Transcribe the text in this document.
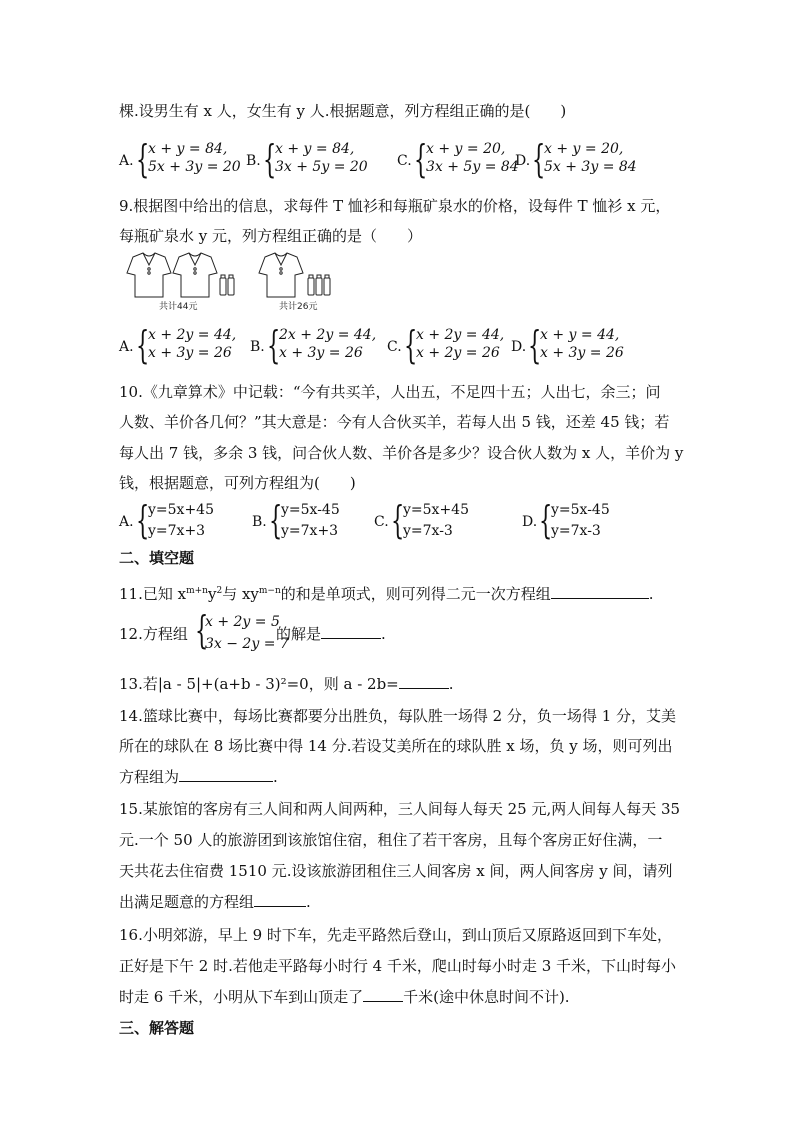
棵.设男生有 x 人，女生有 y 人.根据题意，列方程组正确的是(　　)
A. {
x + y = 84,
5x + 3y = 20 B. {
x + y = 84,
3x + 5y = 20 C. {
x + y = 20,
3x + 5y = 84
D. {
x + y = 20,
5x + 3y = 84
9.根据图中给出的信息，求每件 T 恤衫和每瓶矿泉水的价格，设每件 T 恤衫 x 元，
每瓶矿泉水 y 元，列方程组正确的是（　　）
共计44元	共计26元
A. {
x + 2y = 44,
x + 3y = 26 B. {
2x + 2y = 44,
x + 3y = 26 C. {
x + 2y = 44,
x + 2y = 26 D. {
x + y = 44,
x + 3y = 26
10.《九章算术》中记载：“今有共买羊，人出五，不足四十五；人出七，余三；问
人数、羊价各几何？”其大意是：今有人合伙买羊，若每人出 5 钱，还差 45 钱；若
每人出 7 钱，多余 3 钱，问合伙人数、羊价各是多少？设合伙人数为 x 人，羊价为 y
钱，根据题意，可列方程组为(　　)
A. {
y=5x+45
y=7x+3
B. {
y=5x-45
y=7x+3
C. {
y=5x+45
y=7x-3
D. {
y=5x-45
y=7x-3
二、填空题
11.已知 $x^{m+n}y^2$与 $xy^{m-n}$的和是单项式，则可列得二元一次方程组	.
12.方程组 {
x + 2y = 5
3x − 2y = 7
的解是	.
13.若|a - 5|+(a+b - 3)²=0，则 a - 2b=	.
14.篮球比赛中，每场比赛都要分出胜负，每队胜一场得 2 分，负一场得 1 分，艾美
所在的球队在 8 场比赛中得 14 分.若设艾美所在的球队胜 x 场，负 y 场，则可列出
方程组为	.
15.某旅馆的客房有三人间和两人间两种，三人间每人每天 25 元,两人间每人每天 35
元.一个 50 人的旅游团到该旅馆住宿，租住了若干客房，且每个客房正好住满，一
天共花去住宿费 1510 元.设该旅游团租住三人间客房 x 间，两人间客房 y 间，请列
出满足题意的方程组	.
16.小明郊游，早上 9 时下车，先走平路然后登山，到山顶后又原路返回到下车处，
正好是下午 2 时.若他走平路每小时行 4 千米，爬山时每小时走 3 千米，下山时每小
时走 6 千米，小明从下车到山顶走了	千米(途中休息时间不计).
三、解答题
